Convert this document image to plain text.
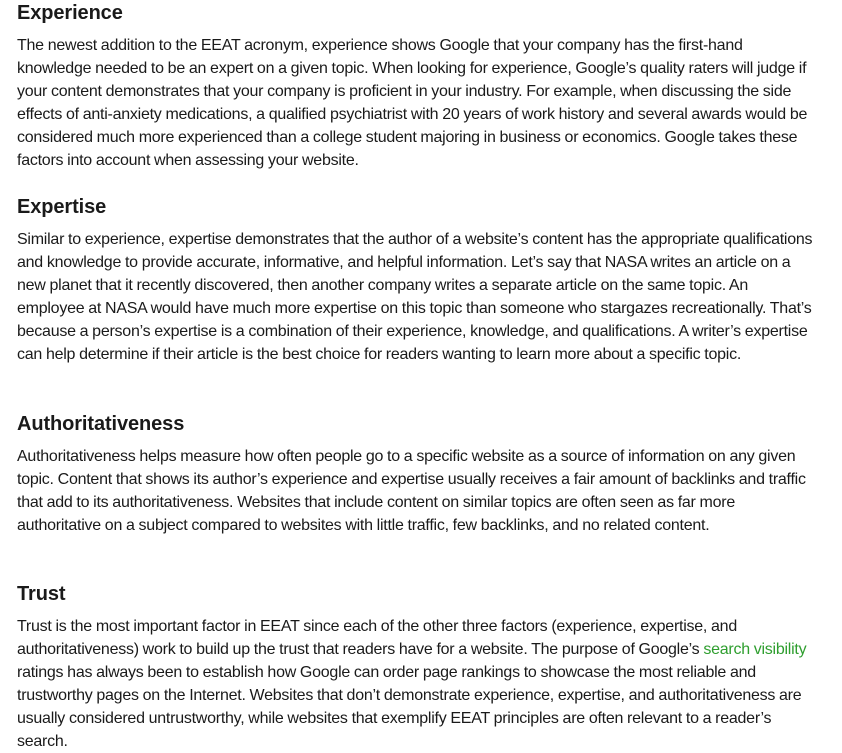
Experience

The newest addition to the EEAT acronym, experience shows Google that your company has the first-hand knowledge needed to be an expert on a given topic. When looking for experience, Google’s quality raters will judge if your content demonstrates that your company is proficient in your industry. For example, when discussing the side effects of anti-anxiety medications, a qualified psychiatrist with 20 years of work history and several awards would be considered much more experienced than a college student majoring in business or economics. Google takes these factors into account when assessing your website.

Expertise

Similar to experience, expertise demonstrates that the author of a website’s content has the appropriate qualifications and knowledge to provide accurate, informative, and helpful information. Let’s say that NASA writes an article on a new planet that it recently discovered, then another company writes a separate article on the same topic. An employee at NASA would have much more expertise on this topic than someone who stargazes recreationally. That’s because a person’s expertise is a combination of their experience, knowledge, and qualifications. A writer’s expertise can help determine if their article is the best choice for readers wanting to learn more about a specific topic.

Authoritativeness

Authoritativeness helps measure how often people go to a specific website as a source of information on any given topic. Content that shows its author’s experience and expertise usually receives a fair amount of backlinks and traffic that add to its authoritativeness. Websites that include content on similar topics are often seen as far more authoritative on a subject compared to websites with little traffic, few backlinks, and no related content.

Trust

Trust is the most important factor in EEAT since each of the other three factors (experience, expertise, and authoritativeness) work to build up the trust that readers have for a website. The purpose of Google’s search visibility ratings has always been to establish how Google can order page rankings to showcase the most reliable and trustworthy pages on the Internet. Websites that don’t demonstrate experience, expertise, and authoritativeness are usually considered untrustworthy, while websites that exemplify EEAT principles are often relevant to a reader’s search.
